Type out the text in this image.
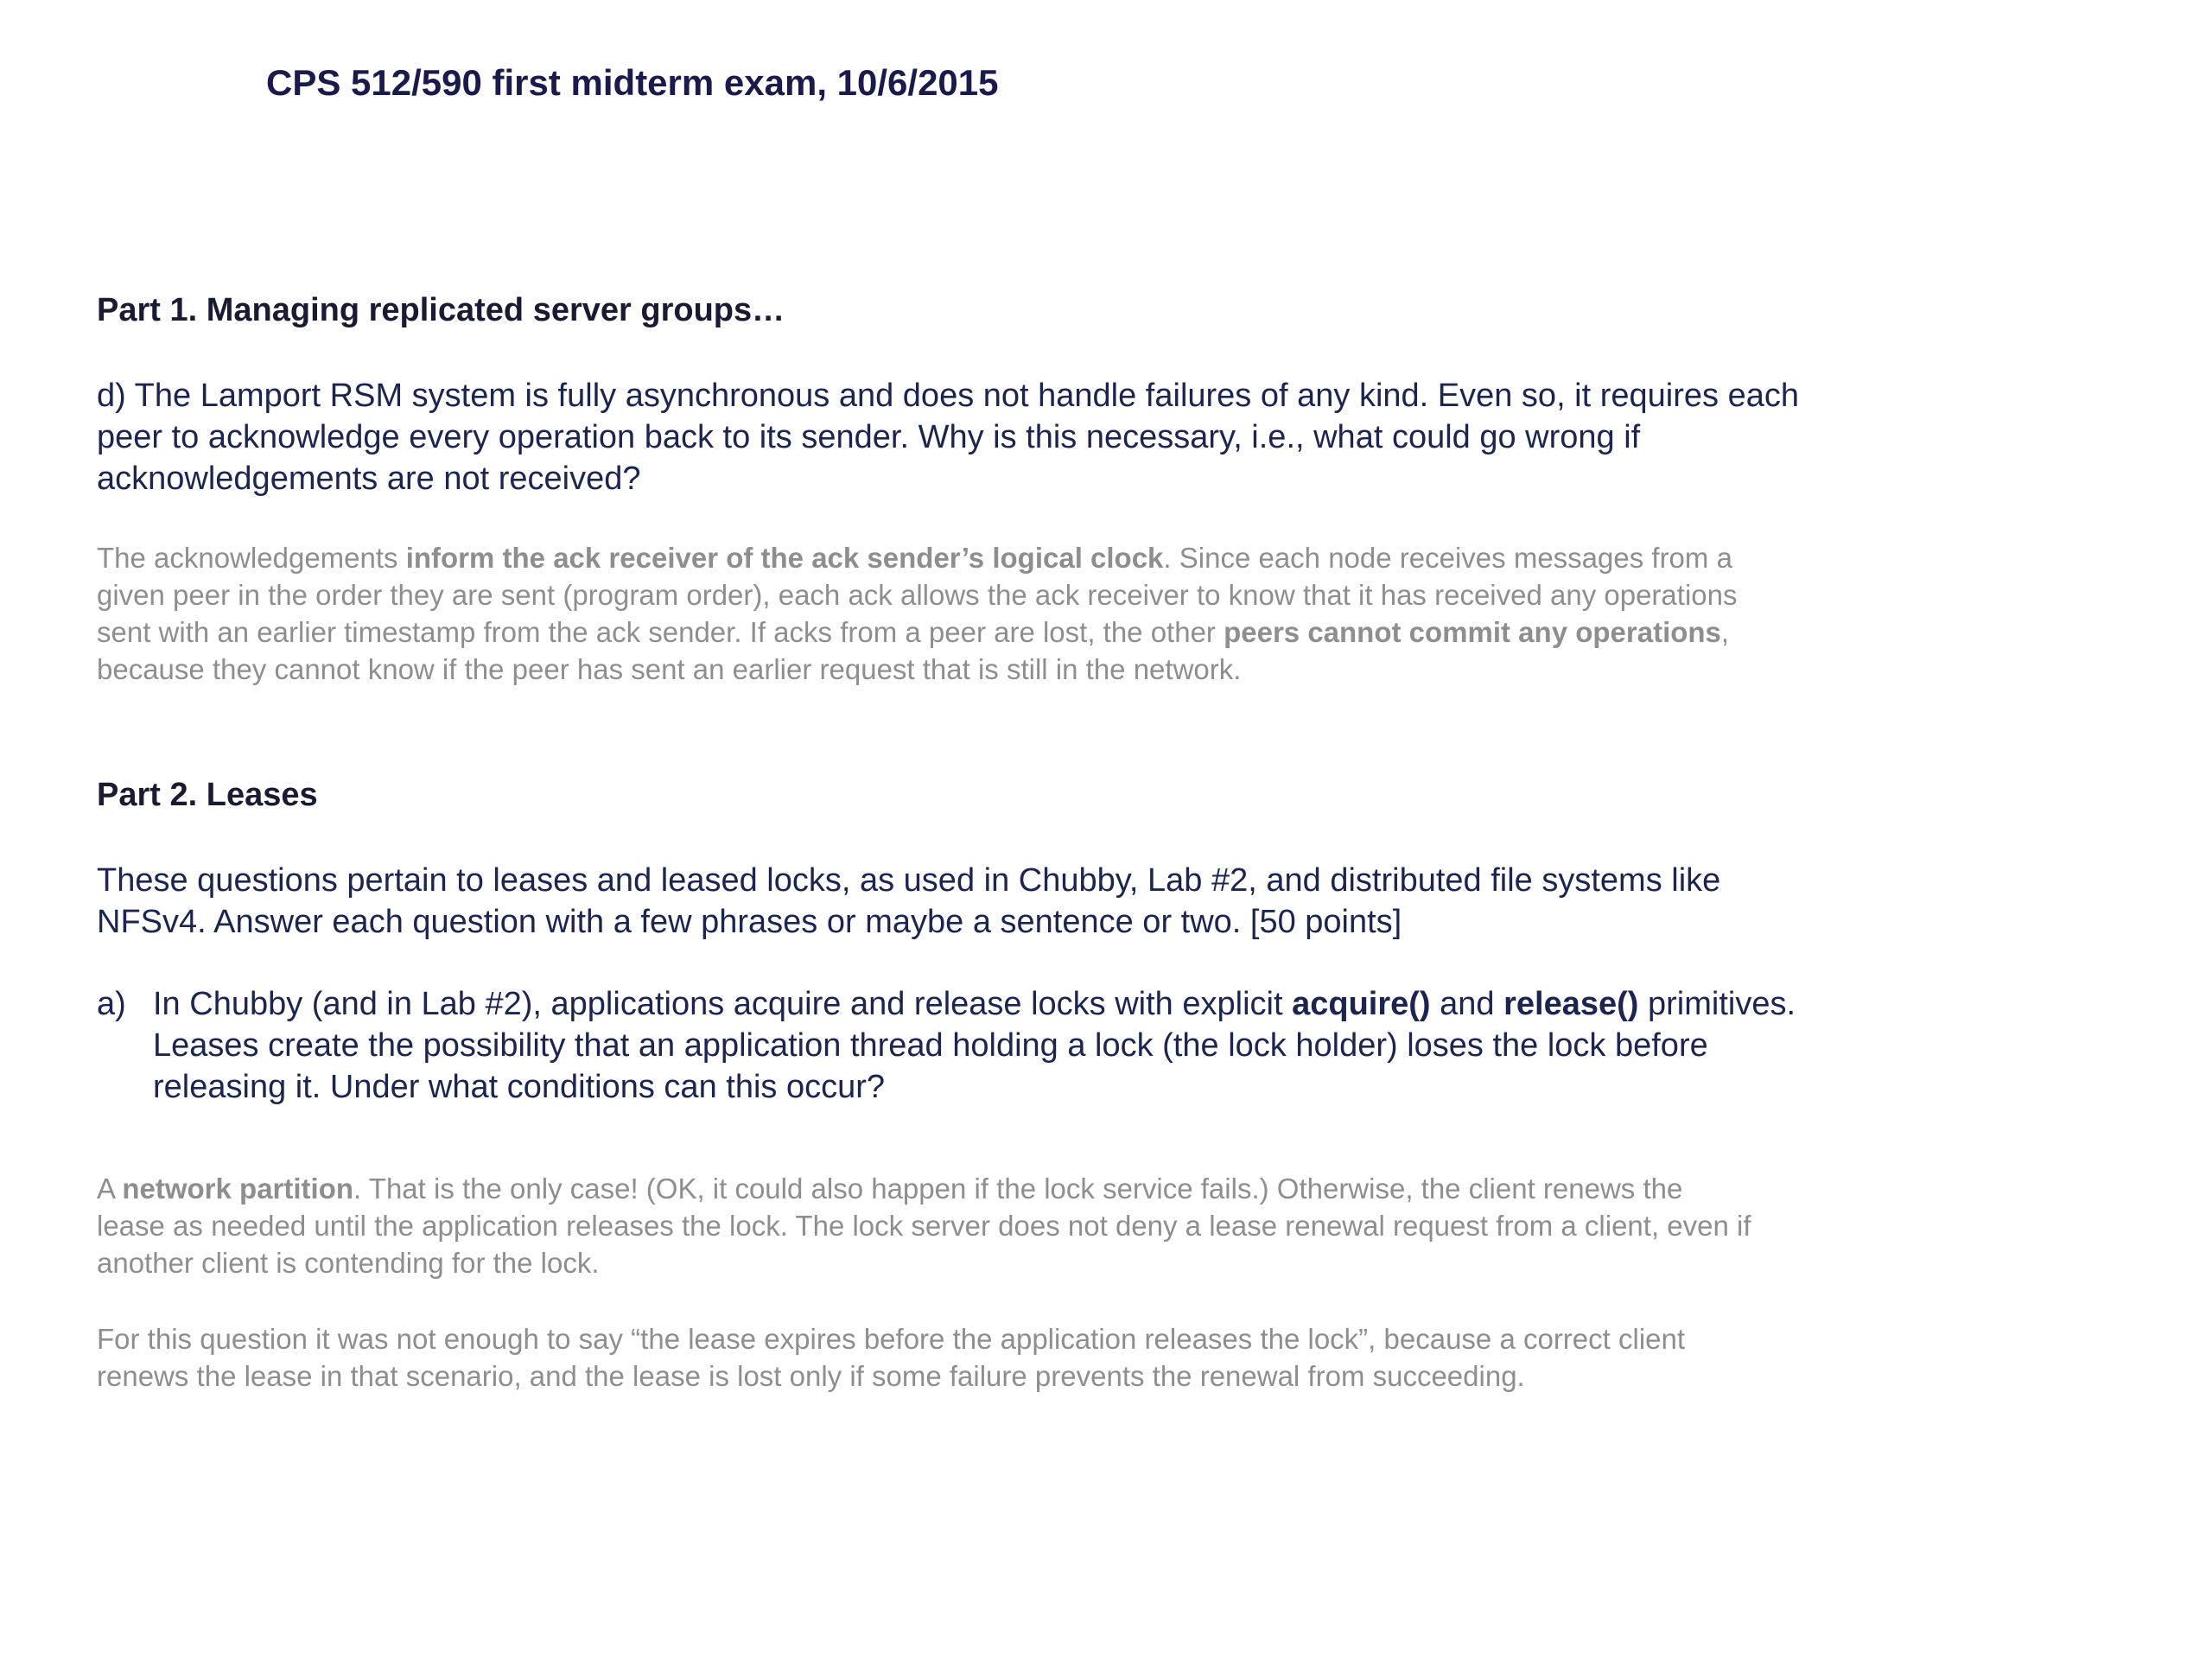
CPS 512/590 first midterm exam, 10/6/2015
Part 1. Managing replicated server groups…

d) The Lamport RSM system is fully asynchronous and does not handle failures of any kind. Even so, it requires each
peer to acknowledge every operation back to its sender. Why is this necessary, i.e., what could go wrong if
acknowledgements are not received?

The acknowledgements inform the ack receiver of the ack sender’s logical clock. Since each node receives messages from a
given peer in the order they are sent (program order), each ack allows the ack receiver to know that it has received any operations
sent with an earlier timestamp from the ack sender. If acks from a peer are lost, the other peers cannot commit any operations,
because they cannot know if the peer has sent an earlier request that is still in the network.

Part 2. Leases

These questions pertain to leases and leased locks, as used in Chubby, Lab #2, and distributed file systems like
NFSv4. Answer each question with a few phrases or maybe a sentence or two. [50 points]

a) In Chubby (and in Lab #2), applications acquire and release locks with explicit acquire() and release() primitives.
Leases create the possibility that an application thread holding a lock (the lock holder) loses the lock before
releasing it. Under what conditions can this occur?

A network partition. That is the only case! (OK, it could also happen if the lock service fails.) Otherwise, the client renews the
lease as needed until the application releases the lock. The lock server does not deny a lease renewal request from a client, even if
another client is contending for the lock.

For this question it was not enough to say “the lease expires before the application releases the lock”, because a correct client
renews the lease in that scenario, and the lease is lost only if some failure prevents the renewal from succeeding.
